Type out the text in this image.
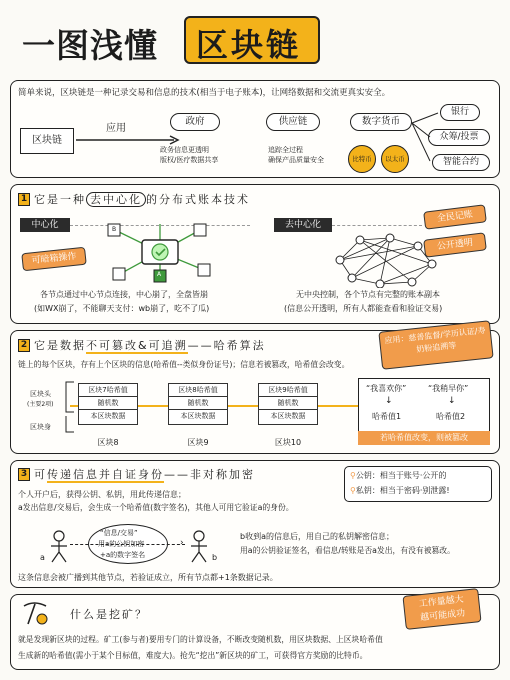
一图浅懂 区块链
简单来说，区块链是一种记录交易和信息的技术(相当于电子账本)，让网络数据和交流更真实安全。
区块链
应用
政府
政务信息更透明
版权/医疗数据共享
供应链
追踪全过程
确保产品质量安全
数字货币
比特币	以太币
银行
众筹/投票
智能合约
1 它是一种 去中心化 的分布式账本技术
中心化	去中心化
可暗箱操作
A
B
全民记账
公开透明
各节点通过中心节点连接，中心崩了，全盘皆崩
(如WX崩了，不能聊天支付：wb崩了，吃不了瓜)
无中央控制，各个节点有完整的账本副本
(信息公开透明，所有人都能查看和验证交易)
2 它是数据不可篡改&可追溯——哈希算法
应用：慈善监督/学历认证/寿奶粉追溯等
链上的每个区块，存有上个区块的信息(哈希值--类似身份证号)；信息若被篡改，哈希值会改变。
区块头
(主要2项)
区块身
区块7哈希值
随机数
本区块数据
区块8
区块8哈希值
随机数
本区块数据
区块9
区块9哈希值
随机数
本区块数据
区块10
“我喜欢你”	“我稍早你”
↓	↓
哈希值1	哈希值2
若哈希值改变，则被篡改
3 可传递信息并自证身份——非对称加密	⚲公钥：相当于账号·公开的
⚲私钥：相当于密码·别泄露!
个人开户后，获得公钥、私钥，用此传递信息；
a发出信息/交易后，会生成一个哈希值(数字签名)，其他人可用它验证a的身份。
a	b
“信息/交易”
用a的公钥加密
+a的数字签名
›
b收到a的信息后，用自己的私钥解密信息；
用a的公钥验证签名，看信息/转账是否a发出，有没有被篡改。
这条信息会被广播到其他节点，若验证成立，所有节点都+1条数据记录。
什么是挖矿？
工作量越大
越可能成功
就是发现新区块的过程。矿工(参与者)要用专门的计算设备，不断改变随机数，用区块数据、上区块哈希值
生成新的哈希值(需小于某个目标值，难度大)。抢先“挖出”新区块的矿工，可获得官方奖励的比特币。
